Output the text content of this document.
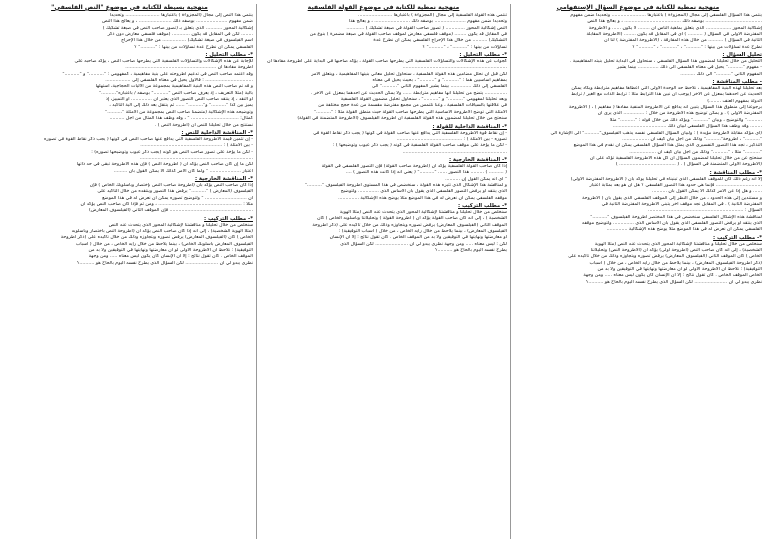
منهجية نمطية للكتابة فى موضوع السؤال الإستفهامي
ينتمي هذا السؤال الفلسفي إلى مجال (المجزوءة ) باعتبارها ....................... وتحديدا ضمن مفهوم
...................................... بوصفه ذلك ...................................... ، و يعالج هذا النص
إشكالية المحور ................. الذي يتعلق بماهية الناس أن ........ لا يكون ...... و الأطروحة
المفترضة الاولى في السؤال ( .......... ) أي في المقابل قد يكون ........ (الأطروحة المقابلة
الثانية في السؤال ) .......... من خلال هذه المفارقة ، (الأطروحة المفترضة ) لنا أن
نطرح عدة تساؤلات من بينها : ".........." ، ".........." ، ".........." ؟
تحليل السؤال :
التحليل من خلال تحليلنا لمضمون هذا السؤال الفلسفي ، سنحاول في البداية تحليل بنيته المفاهيمية .
- مفهوم ".........." يحيل في معناه الفلسفي الى ذلك .............. بينما يشير
المفهوم الثاني ".........." الى ذلك ..........
- مطلب المناقشة :
بعد تحليلنا لهذه البنية المفاهيمية ، نلاحظ حد الوحدة الأولى التي أعطاها مفاهيم مترابطة ويكاد يمكن
الحديث عن أحدهما بمعزل عن الآخر (يوجب أن نبين هذا الترابط مثلا : ترابط الذات مع الغير / ترابط
الدولة بمفهوم العنف ........)
برجوعنا إلى منطوق هذا السؤال يتبين أنه يدافع عن الأطروحة المنفية مفادها ( مفاهيم ) ، ( الأطروحة
المفترضة الأولى ) . و يمكن توضيح هذه الأطروحة من خلال : .............. الذي يرى أن
.........." والتوضيح ، وبيان ".........." ويؤكد ذلك من خلال قوله : ".........." مثلا
........ وقد وظف هذا السؤال الفلسفي لبيان ذلك ....................................
(أي مؤكد مقابلة لأطروحة مؤيدة ) : ولبيان السؤال الفلسفي نفسه يذهب الفيلسوف".........." الى الإشارة الى
".........." ، أطروحة".........." وذلك من أجل بيان كيف أن ..................
التذكير ، نجد هذا التصور التفسيري الذي يمثل هذا السؤال الفلسفي يمكن أن نقدم في هذا الموضع
".........." مثلا ، ".........." وذلك من أجل بيان كيف أن ..................
سنحتج عن من خلال تحليلنا لمضمون السؤال أن كل هذه الأطروحة الفلسفية تؤكد على أن
(الأطروحة الأولى المتضمنة في السؤال ) . ( ...................................... )
*- مطلب المناقشة :
إلا أنه رغم ذلك كان للموقف الفلسفي الذي تبنيناه في تحليلنا يوكد بان ( الأطروحة المفترضة الاولى)
............................... فإنما هي حدود هذا التصور الفلسفي ؟ هل ان هو يعد بمثابة اعتبار
...... و هل إذا عن الأمر كذلك ألا يمكن القول بأن ..........
و مستندين إلى هذه الحدود ، من خلال النظر إلى الموقف الفلسفي الذي يقول بأن ( الأطروحة
المفترضة الثانية ) . في المقابل نجد موقف آخر يتبنى الأطروحة المفترضة الثانية في
السؤال : ................................................................
لمناقشة هذه الإشكال الفلسفي سنخضص في هذا المختصر أطروحة الفيلسوف ".........."
الذي ينتقد أو يرفض التصور الفلسفي الذي يقول بأن الأساس الذي .............. ولتوضيح موقفه
الفلسفي يمكن أن نعرض له في هذا الموضع مثلا يوضح هذه الإشكالية ..............
*- مطلب التركيب :
سنخلص من خلال تحليلنا و مناقشتنا لإشكالية المحور الذي يتحدث عنه النص (مثلا الهوية
الشخصية) ، إلى أنه كان صاحب النص (أطروحة أولى) يؤكد أن (الأطروحة النص) وتحليلاتنا
الخاص ) كان الموقف الثاني (الفيلسوف المعارض) يرفض تصوره ويتجاوزه وذلك من خلال تأكيده على
(ذكر أطروحة الفيلسوف المعارض) ، بينما يلاحظ من خلال رأيه الخاص ، من خلال ( أسباب
التوفيقية) : نلاحظ أن الأطروحة الأولى لو أن معارضتها ونهايتها في التوفيقين ولا بد من
الخاص الموقف الخاص . كان تقول نتائج : إلا أن الإنسان كان يكون ليس معناه ..... ومن وجهة
نظري يبدو لي أن ...................... لكن السؤال الذي يطرح نفسه اليوم بالحاح هو ..........؟
منهجية نمطية للكتابة فى موضوع القولة الفلسفية
تنتمي هذه القولة الفلسفية إلى مجال (المجزوءة ) باعتبارها .......................
وتحديدا ضمن مفهوم ..................... بوصفه ذلك ........................ ، و يعالج هذا
النص إشكالية المحور ............. ( تصور صاحب القولة في صيغة تشكيك ) ............
في المقابل قد يكون ........ (موقف فلسفي معارض لموقف صاحب القولة في صيغة مضمرة ) بنوع من
التشكيك) .......... من خلال هذا الإحراج الفلسفي يمكن أن نطرح عدة
تساؤلات من بينها : ".........." ، ".........." ؟
*- مطلب التحليل :
كجواب عن هذه الإشكالات والتساؤلات الفلسفية التي يطرحها صاحب القولة ، يؤكد صاحبها في البداية على أطروحة مفادها ان
......................................................................
لكن قبل أن نحلل مضامين هذه القولة الفلسفية ، سنحاول تحليل معاني بنيتها المفاهيمية ، ويتعلق الأمر
بمفاهيم أساسيين هما : ".........." و ".........." ، بحيث يحيل في معناه
الفلسفي إلى ذلك .............. بينما يشير المفهوم الثاني ".........." الى
............... يتضح من تحليلنا انها مفاهيم مترابطة ...... ولا يمكن الحديث عن أحدهما بمعزل عن الآخر .
وبعد تحليلنا لمفهومي ".........." و ".........." ، سنحاول تحليل مضمون القولة الفلسفية
في علاقتها بالسياقات الفلسفية ، وعنا نلتمس من مجمع مفترضة مقسمة من عدة حجج مختلفة من
الأمثلة التي توضح الأطروحة الأساسية التي يطرحها صاحب القولة حيث منطق القولة مثلا : ".........."
سنحتج من خلال تحليلنا لمضمون هذه القولة الفلسفية أن أطروحة الفيلسوف (الأطروحة المتضمنة في القولة)
*- المناقشة الداخلية للقولة :
- إن نقاط قوة الأطروحة الفلسفية التي يدافع عنها صاحب القولة في كونها ( يجب ذكر نقاط القوة في
تصوره - بين الأمثلة ) : ............................................
- لكن ما يؤخذ على موقف صاحب القولة الفلسفية في كونه ( يجب ذكر عيوب وتوضيحها ) :
......................................................................
*- المناقشة الخارجية :
إذا كان صاحب القولة الفلسفية يؤكد أن (أطروحة صاحب القولة) فإن التصور الفلسفي في القولة
( .......... ) ......... هذا التصور ...... ".........." ( يعني أنه إذا كانت هذه التصور ) ....
" أي أنه يمكن القول إن ..........
و لمناقشة هذا الإشكال الذي تثيره هذه القولة ، سنخضص في هذا المستوى أطروحة الفيلسوف ".........."
الذي ينتقد أو يرفض التصور الفلسفي الذي يقول بأن الأساس الذي .............. ولتوضيح
موقفه الفلسفي يمكن أن نعرض له في هذا الموضع مثلا يوضح هذه الإشكالية ..............
*- مطلب التركيب :
سنخلص من خلال تحليلنا و مناقشتنا لإشكالية المحور الذي يتحدث عنه النص (مثلا الهوية
الشخصية ) ، إلى أنه كان صاحب القولة يؤكد أن ( أطروحة القولة ) وتحليلاتنا وبأسلوبه الخاص ) كان
الموقف الثاني (الفيلسوف المعارض) يرفض تصوره ويتجاوزه وذلك من خلال تأكيده على (ذكر أطروحة
الفيلسوف المعارض) ، بينما يلاحظ من خلال رأيه الخاص ، من خلال ( أسباب التوفيقية) :
أو معارضتها ونهايتها في التوفيقين ولا بد من الموقف الخاص . كان تقول نتائج : إلا أن الإنسان
لكن : ليس معناه ..... ومن وجهة نظري يبدو لي أن ...................... لكن السؤال الذي
يطرح نفسه اليوم بالحاح هو ..........؟
منهجية بسيطة للكتابة في موضوع "النص الفلسفي"
ينتمي هذا النص إلى مجال (المجزوءة ) باعتبارها ....................... وتحديدا
ضمن مفهوم ..................... بوصفه ذلك ...................... ، و يعالج هذا النص
إشكالية المحور ........... الذي يتعلق بـ (تصور صاحب النص في صيغة تشكيك )
........ لكن في المقابل قد يكون ............ (موقف فلسفي معارض دون ذكر
اسم الفيلسوف في صيغة تشكيك) ................ من خلال هذا الإحراج
الفلسفي يمكن أن نطرح عدة تساؤلات من بينها : ".........." ؟
*- مطلب التحليل :
للإجابة عن هذه الإشكالات والتساؤلات الفلسفية التي يطرحها صاحب النص ، يؤكد صاحبه على
أطروحة مفادها أن .............................................................
وقد اعتمد صاحب النص في تدعيم أطروحته على بنية مفاهيمية ، كمفهومي : ".........." و ".........."
................................ : فالأول يحيل في معناه الفلسفي إلى .................
و قد تم صاحب النص هذه البنية المفاهيمية بمجموعة من الآليات الحجاجية، استهلها
بآلية (مثلا التعريف ، إذ يعرف صاحب النص ".........." بوصفه / باعتباره".........."
أو النقد ، إذ ينتقد صاحب النص التصور الذي يعتبر أن .............. أو التمييز، إذ
يميز بين كذا ".........." و".........." ...... ثم ينتقل بعد ذلك إلى آلية التأكيد ،
وتوضيحه هذه الإشكالية (متضمنا صاحب النص بمجموعة من الأمثلة ".........."
كمثال: ................................ " ، وقد وظف هذا المثال من أجل ..........
نستنتج من خلال تحليلنا للنص أن (أطروحة النص ) .
*- المناقشة الداخلية للنص :
- إن تثمين قيمة الأطروحة الفلسفية التي يدافع عنها صاحب النص في كونها ( يجب ذكر نقاط القوة في تصوره
- بين الأمثلة ) : .......................................................
- لكن ما يؤخذ على تصور صاحب النص هو كونه (يجب ذكر عيوب وتوضيحها تصوره) :
............................................................................
لكن ما إن كان صاحب النص يؤكد ان ( أطروحة النص ) فإن هذه الأطروحة تبقى في حد ذاتها
اعتبار ..................... " ولما كان الأمر كذلك ألا يمكن القول بأن .........
*- المناقشة الخارجية :
إذا كان صاحب النص يؤكد بأن (أطروحة صاحب النص بإختصار وبأسلوبك الخاص ) فإن
الفيلسوف (المعارض ) ".........." يرفض هذا التصور وينتقده من خلال التأكيد على
أن ............................ " ولتوضيح تصوره يمكن أن نعرض له في هذا الموضع
مثلا : ........................................................ ، ومن ثم فإذا كان صاحب النص يؤكد أن
........................................................ فإن الموقف الثاني (الفيلسوف المعارض)
*- مطلب التركيب :
سنخلص من خلال تحليلنا و مناقشتنا لإشكالية المحور الذي يتحدث عنه النص
(مثلا الهوية الشخصية) ، إلى أنه إذا كان صاحب النص يؤكد أن (أطروحة النص باختصار وبأسلوبه
الخاص ) كان (الفيلسوف المعارض) يرفض تصوره ويتجاوزه وذلك من خلال تأكيده على (ذكر أطروحة
الفيلسوف المعارض بأسلوبك الخاص) ، بينما يلاحظ من خلال رأيه الخاص ، من خلال ( أسباب
التوفيقية) : نلاحظ أن الأطروحة الأولى لو أن معارضتها ونهايتها في التوفيقين ولا بد من
الموقف الخاص . كان تقول نتائج : إلا أن الإنسان كان يكون ليس معناه ..... ومن وجهة
نظري يبدو لي أن ...................... لكن السؤال الذي يطرح نفسه اليوم بالحاح هو ..........؟
